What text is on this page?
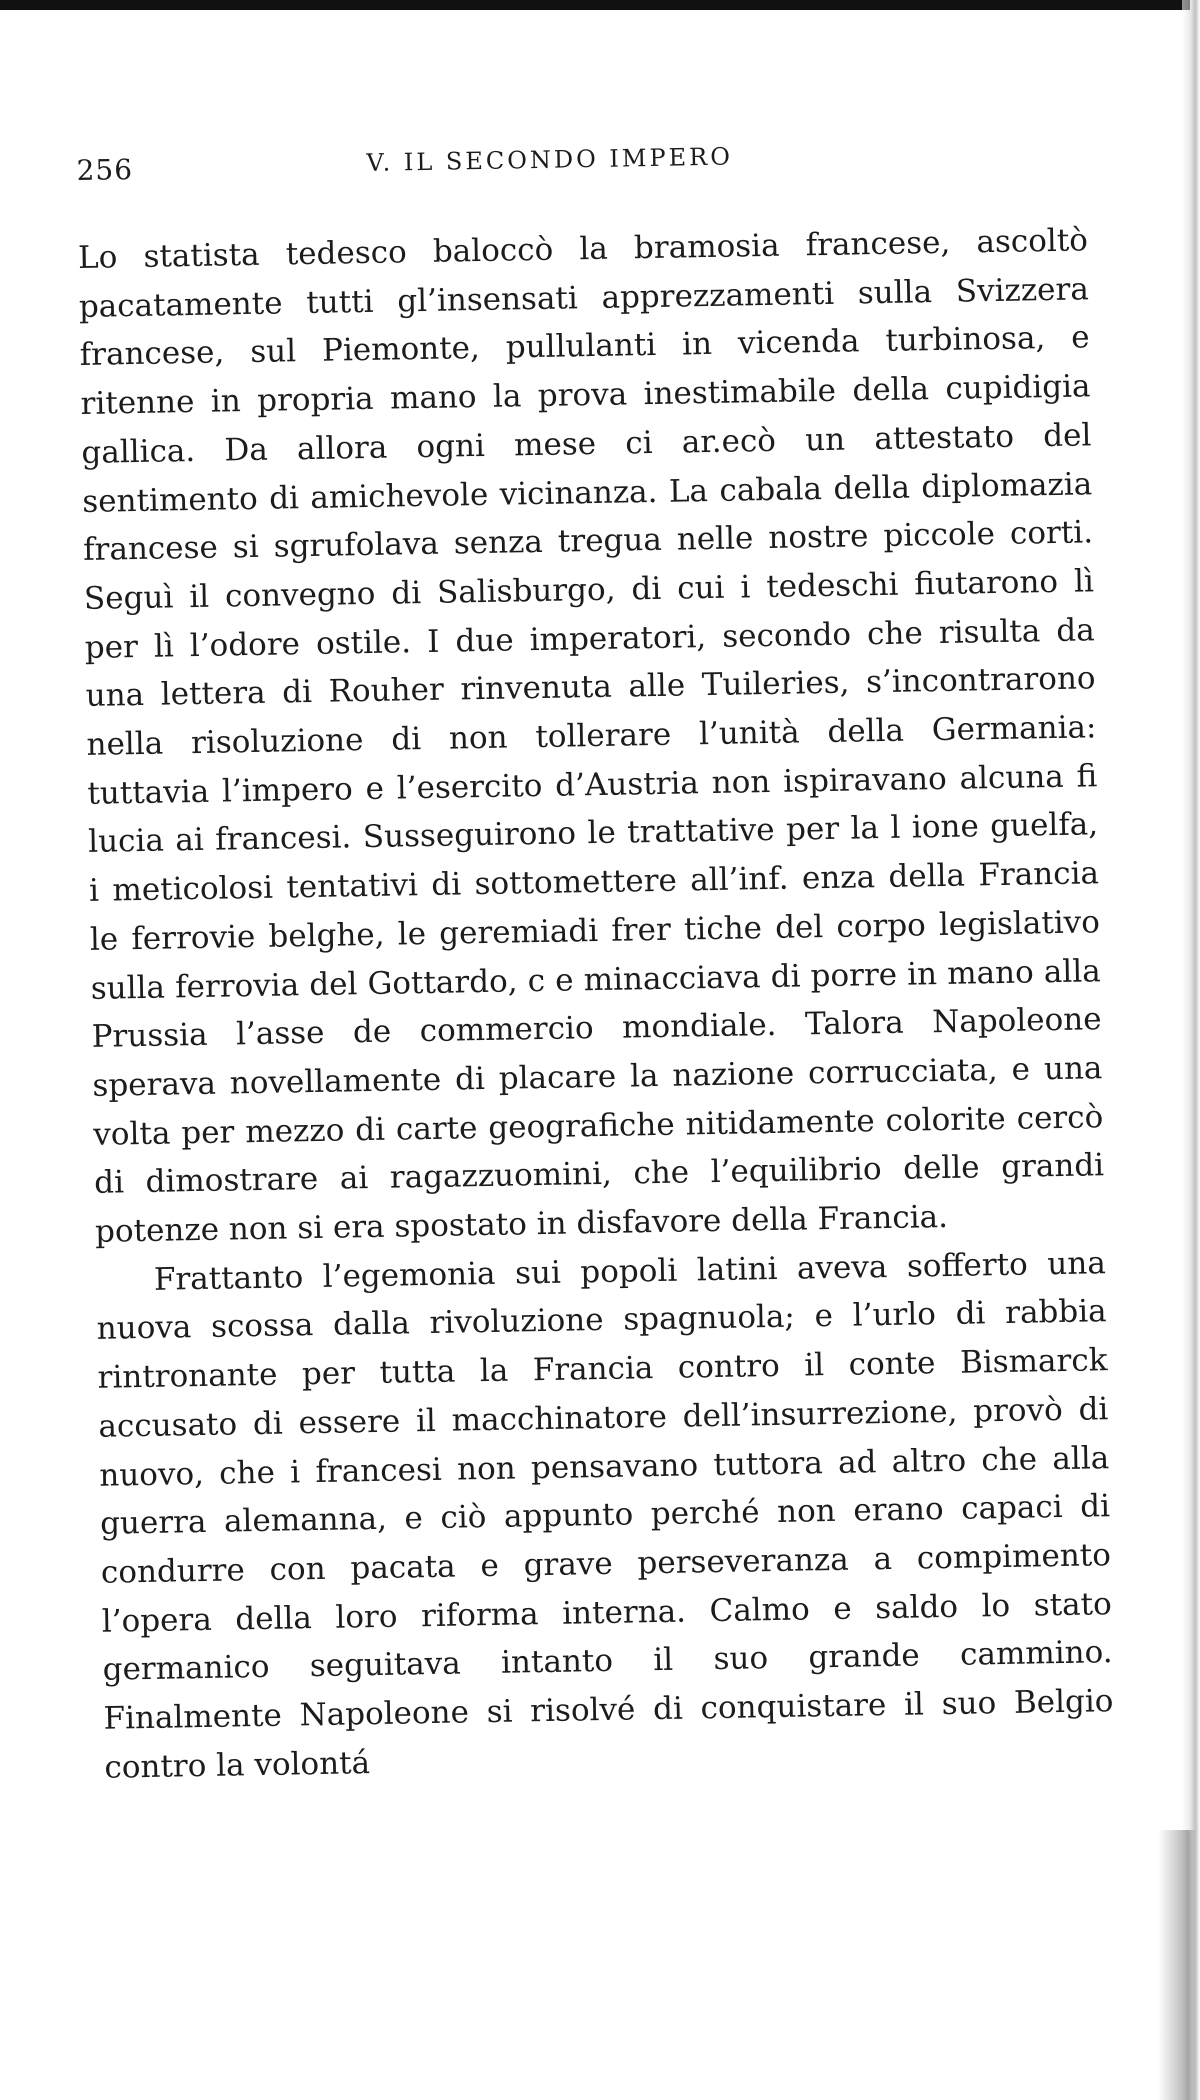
256	V. IL SECONDO IMPERO

Lo statista tedesco baloccò la bramosia francese, ascoltò pacatamente tutti gl’insensati apprezzamenti sulla Svizzera francese, sul Piemonte, pullulanti in vicenda turbinosa, e ritenne in propria mano la prova inestimabile della cupidigia gallica. Da allora ogni mese ci ar.ecò un attestato del sentimento di amichevole vicinanza. La cabala della diplomazia francese si sgrufolava senza tregua nelle nostre piccole corti. Seguì il convegno di Salisburgo, di cui i tedeschi fiutarono lì per lì l’odore ostile. I due imperatori, secondo che risulta da una lettera di Rouher rinvenuta alle Tuileries, s’incontrarono nella risoluzione di non tollerare l’unità della Germania: tuttavia l’impero e l’esercito d’Austria non ispiravano alcuna fi lucia ai francesi. Susseguirono le trattative per la l ione guelfa, i meticolosi tentativi di sottomettere all’inf. enza della Francia le ferrovie belghe, le geremiadi frer tiche del corpo legislativo sulla ferrovia del Gottardo, c e minacciava di porre in mano alla Prussia l’asse de commercio mondiale. Talora Napoleone sperava novellamente di placare la nazione corrucciata, e una volta per mezzo di carte geografiche nitidamente colorite cercò di dimostrare ai ragazzuomini, che l’equilibrio delle grandi potenze non si era spostato in disfavore della Francia.

Frattanto l’egemonia sui popoli latini aveva sofferto una nuova scossa dalla rivoluzione spagnuola; e l’urlo di rabbia rintronante per tutta la Francia contro il conte Bismarck accusato di essere il macchinatore dell’insurrezione, provò di nuovo, che i francesi non pensavano tuttora ad altro che alla guerra alemanna, e ciò appunto perché non erano capaci di condurre con pacata e grave perseveranza a compimento l’opera della loro riforma interna. Calmo e saldo lo stato germanico seguitava intanto il suo grande cammino. Finalmente Napoleone si risolvé di conquistare il suo Belgio contro la volontá
